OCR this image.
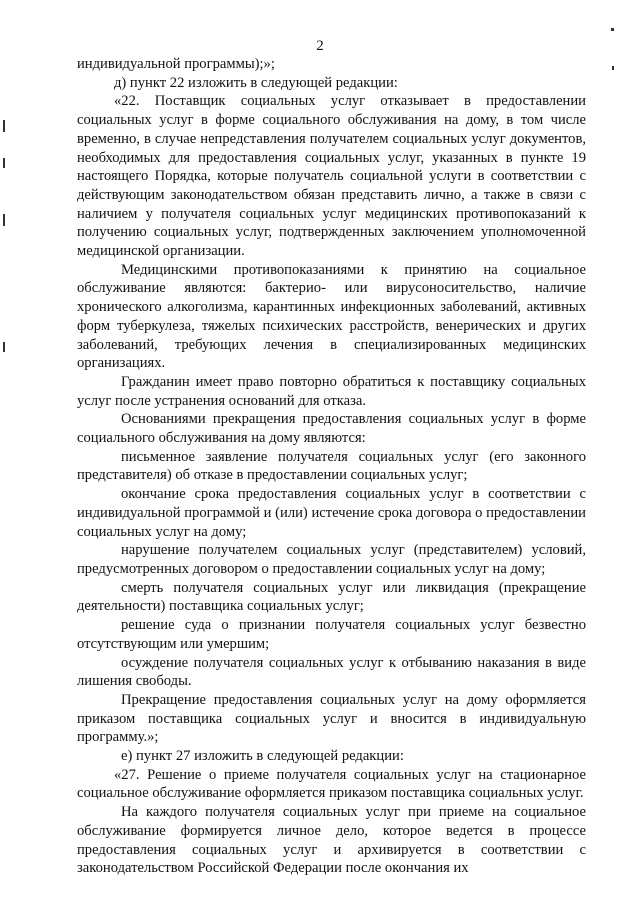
2

индивидуальной программы);»;

д) пункт 22 изложить в следующей редакции:

«22. Поставщик социальных услуг отказывает в предоставлении социальных услуг в форме социального обслуживания на дому, в том числе временно, в случае непредставления получателем социальных услуг документов, необходимых для предоставления социальных услуг, указанных в пункте 19 настоящего Порядка, которые получатель социальной услуги в соответствии с действующим законодательством обязан представить лично, а также в связи с наличием у получателя социальных услуг медицинских противопоказаний к получению социальных услуг, подтвержденных заключением уполномоченной медицинской организации.

Медицинскими противопоказаниями к принятию на социальное обслуживание являются: бактерио- или вирусоносительство, наличие хронического алкоголизма, карантинных инфекционных заболеваний, активных форм туберкулеза, тяжелых психических расстройств, венерических и других заболеваний, требующих лечения в специализированных медицинских организациях.

Гражданин имеет право повторно обратиться к поставщику социальных услуг после устранения оснований для отказа.

Основаниями прекращения предоставления социальных услуг в форме социального обслуживания на дому являются:

письменное заявление получателя социальных услуг (его законного представителя) об отказе в предоставлении социальных услуг;

окончание срока предоставления социальных услуг в соответствии с индивидуальной программой и (или) истечение срока договора о предоставлении социальных услуг на дому;

нарушение получателем социальных услуг (представителем) условий, предусмотренных договором о предоставлении социальных услуг на дому;

смерть получателя социальных услуг или ликвидация (прекращение деятельности) поставщика социальных услуг;

решение суда о признании получателя социальных услуг безвестно отсутствующим или умершим;

осуждение получателя социальных услуг к отбыванию наказания в виде лишения свободы.

Прекращение предоставления социальных услуг на дому оформляется приказом поставщика социальных услуг и вносится в индивидуальную программу.»;

е) пункт 27 изложить в следующей редакции:

«27. Решение о приеме получателя социальных услуг на стационарное социальное обслуживание оформляется приказом поставщика социальных услуг.

На каждого получателя социальных услуг при приеме на социальное обслуживание формируется личное дело, которое ведется в процессе предоставления социальных услуг и архивируется в соответствии с законодательством Российской Федерации после окончания их
